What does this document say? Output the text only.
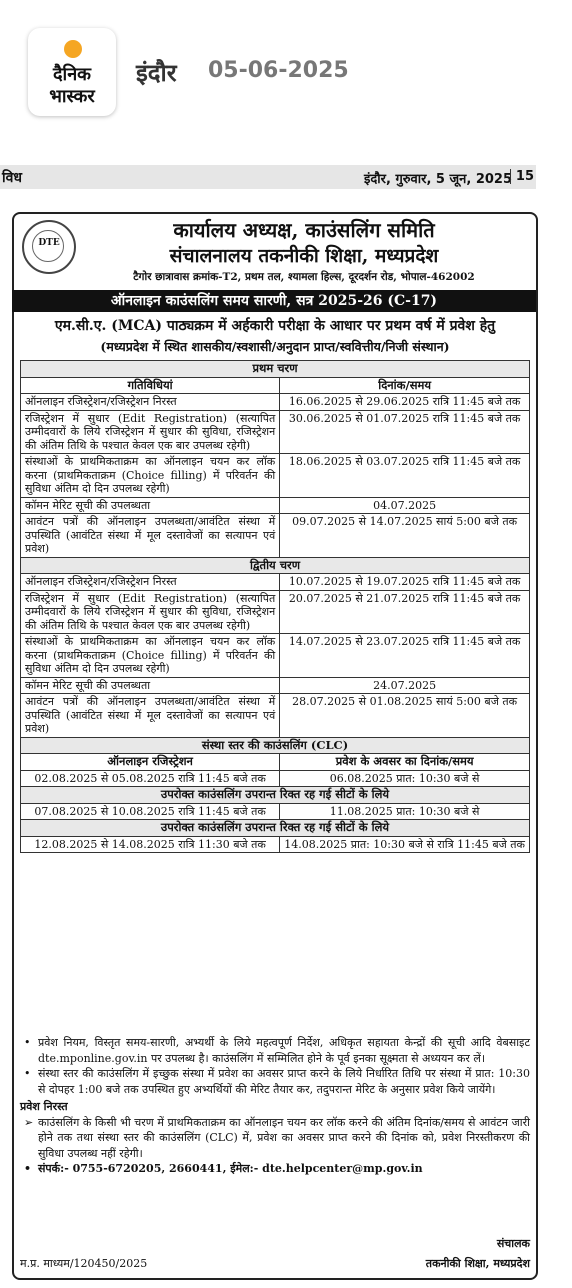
दैनिक
भास्कर
इंदौर 05-06-2025
विध	इंदौर, गुरुवार, 5 जून, 2025 15
DTE
कार्यालय अध्यक्ष, काउंसलिंग समिति
संचालनालय तकनीकी शिक्षा, मध्यप्रदेश
टैगोर छात्रावास क्रमांक-T2, प्रथम तल, श्यामला हिल्स, दूरदर्शन रोड, भोपाल-462002
ऑनलाइन काउंसलिंग समय सारणी, सत्र 2025-26 (C-17)
एम.सी.ए. (MCA) पाठ्यक्रम में अर्हकारी परीक्षा के आधार पर प्रथम वर्ष में प्रवेश हेतु
(मध्यप्रदेश में स्थित शासकीय/स्वशासी/अनुदान प्राप्त/स्ववित्तीय/निजी संस्थान)
प्रथम चरण	
गतिविधियां	दिनांक/समय
ऑनलाइन रजिस्ट्रेशन/रजिस्ट्रेशन निरस्त	16.06.2025 से 29.06.2025 रात्रि 11:45 बजे तक
रजिस्ट्रेशन में सुधार (Edit Registration) (सत्यापित उम्मीदवारों के लिये रजिस्ट्रेशन में सुधार की सुविधा, रजिस्ट्रेशन की अंतिम तिथि के पश्चात केवल एक बार उपलब्ध रहेगी)	30.06.2025 से 01.07.2025 रात्रि 11:45 बजे तक
संस्थाओं के प्राथमिकताक्रम का ऑनलाइन चयन कर लॉक करना (प्राथमिकताक्रम (Choice filling) में परिवर्तन की सुविधा अंतिम दो दिन उपलब्ध रहेगी)	18.06.2025 से 03.07.2025 रात्रि 11:45 बजे तक
कॉमन मेरिट सूची की उपलब्धता	04.07.2025
आवंटन पत्रों की ऑनलाइन उपलब्धता/आवंटित संस्था में उपस्थिति (आवंटित संस्था में मूल दस्तावेजों का सत्यापन एवं प्रवेश)	09.07.2025 से 14.07.2025 सायं 5:00 बजे तक
द्वितीय चरण	
ऑनलाइन रजिस्ट्रेशन/रजिस्ट्रेशन निरस्त	10.07.2025 से 19.07.2025 रात्रि 11:45 बजे तक
रजिस्ट्रेशन में सुधार (Edit Registration) (सत्यापित उम्मीदवारों के लिये रजिस्ट्रेशन में सुधार की सुविधा, रजिस्ट्रेशन की अंतिम तिथि के पश्चात केवल एक बार उपलब्ध रहेगी)	20.07.2025 से 21.07.2025 रात्रि 11:45 बजे तक
संस्थाओं के प्राथमिकताक्रम का ऑनलाइन चयन कर लॉक करना (प्राथमिकताक्रम (Choice filling) में परिवर्तन की सुविधा अंतिम दो दिन उपलब्ध रहेगी)	14.07.2025 से 23.07.2025 रात्रि 11:45 बजे तक
कॉमन मेरिट सूची की उपलब्धता	24.07.2025
आवंटन पत्रों की ऑनलाइन उपलब्धता/आवंटित संस्था में उपस्थिति (आवंटित संस्था में मूल दस्तावेजों का सत्यापन एवं प्रवेश)	28.07.2025 से 01.08.2025 सायं 5:00 बजे तक
संस्था स्तर की काउंसलिंग (CLC)	
ऑनलाइन रजिस्ट्रेशन	प्रवेश के अवसर का दिनांक/समय
02.08.2025 से 05.08.2025 रात्रि 11:45 बजे तक	06.08.2025 प्रात: 10:30 बजे से
उपरोक्त काउंसलिंग उपरान्त रिक्त रह गई सीटों के लिये	
07.08.2025 से 10.08.2025 रात्रि 11:45 बजे तक	11.08.2025 प्रात: 10:30 बजे से
उपरोक्त काउंसलिंग उपरान्त रिक्त रह गई सीटों के लिये	
12.08.2025 से 14.08.2025 रात्रि 11:30 बजे तक	14.08.2025 प्रात: 10:30 बजे से रात्रि 11:45 बजे तक
• प्रवेश नियम, विस्तृत समय-सारणी, अभ्यर्थी के लिये महत्वपूर्ण निर्देश, अधिकृत सहायता केन्द्रों की सूची आदि वेबसाइट dte.mponline.gov.in पर उपलब्ध है। काउंसलिंग में सम्मिलित होने के पूर्व इनका सूक्ष्मता से अध्ययन कर लें।
• संस्था स्तर की काउंसलिंग में इच्छुक संस्था में प्रवेश का अवसर प्राप्त करने के लिये निर्धारित तिथि पर संस्था में प्रात: 10:30 से दोपहर 1:00 बजे तक उपस्थित हुए अभ्यर्थियों की मेरिट तैयार कर, तदुपरान्त मेरिट के अनुसार प्रवेश किये जायेंगे।
प्रवेश निरस्त
➢ काउंसलिंग के किसी भी चरण में प्राथमिकताक्रम का ऑनलाइन चयन कर लॉक करने की अंतिम दिनांक/समय से आवंटन जारी होने तक तथा संस्था स्तर की काउंसलिंग (CLC) में, प्रवेश का अवसर प्राप्त करने की दिनांक को, प्रवेश निरस्तीकरण की सुविधा उपलब्ध नहीं रहेगी।
• संपर्क:- 0755-6720205, 2660441, ईमेल:- dte.helpcenter@mp.gov.in
संचालक
तकनीकी शिक्षा, मध्यप्रदेश
म.प्र. माध्यम/120450/2025
